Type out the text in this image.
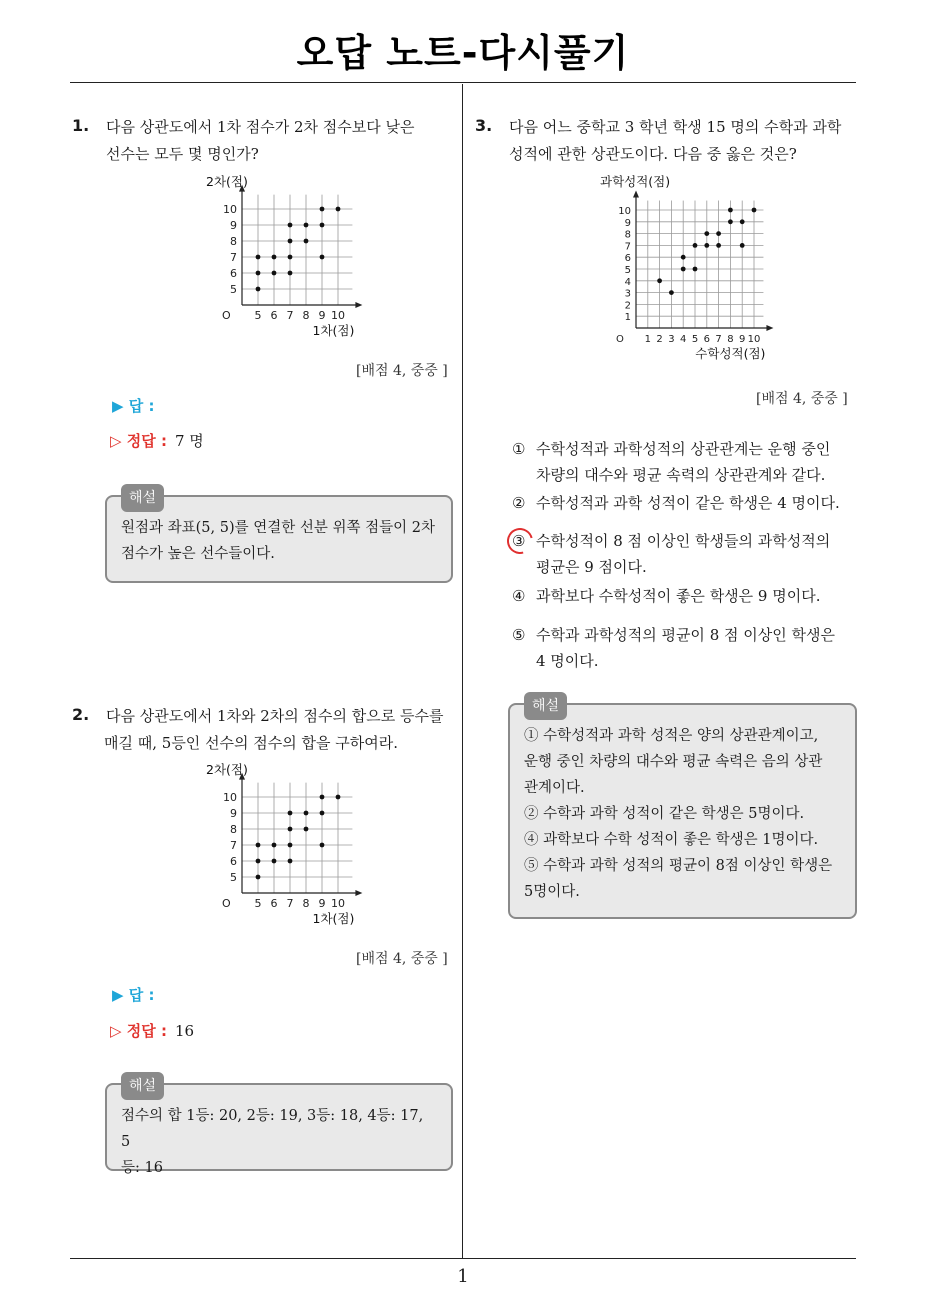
오답 노트-다시풀기
1
1. 다음 상관도에서 1차 점수가 2차 점수보다 낮은
선수는 모두 몇 명인가?
5 6 7 8 9 10
5
6
7
8
9
10
O
2차(점)
1차(점)
[배점 4, 중중 ]
▶ 답 :
▷ 정답 : 7 명
해설
원점과 좌표(5, 5)를 연결한 선분 위쪽 점들이 2차
점수가 높은 선수들이다.
2. 다음 상관도에서 1차와 2차의 점수의 합으로 등수를
매길 때, 5등인 선수의 점수의 합을 구하여라.
5 6 7 8 9 10
5
6
7
8
9
10
O
2차(점)
1차(점)
[배점 4, 중중 ]
▶ 답 :
▷ 정답 : 16
해설
점수의 합 1등: 20, 2등: 19, 3등: 18, 4등: 17, 5
등: 16
3. 다음 어느 중학교 3 학년 학생 15 명의 수학과 과학
성적에 관한 상관도이다. 다음 중 옳은 것은?
1 2 3 4 5 6 7 8 9 10
1
2
3
4
5
6
7
8
9
10
O
과학성적(점)
수학성적(점)
[배점 4, 중중 ]
① 수학성적과 과학성적의 상관관계는 운행 중인
차량의 대수와 평균 속력의 상관관계와 같다.
② 수학성적과 과학 성적이 같은 학생은 4 명이다.
③ 수학성적이 8 점 이상인 학생들의 과학성적의
평균은 9 점이다.
④ 과학보다 수학성적이 좋은 학생은 9 명이다.
⑤ 수학과 과학성적의 평균이 8 점 이상인 학생은
4 명이다.
해설
① 수학성적과 과학 성적은 양의 상관관계이고,
운행 중인 차량의 대수와 평균 속력은 음의 상관
관계이다.
② 수학과 과학 성적이 같은 학생은 5명이다.
④ 과학보다 수학 성적이 좋은 학생은 1명이다.
⑤ 수학과 과학 성적의 평균이 8점 이상인 학생은
5명이다.
